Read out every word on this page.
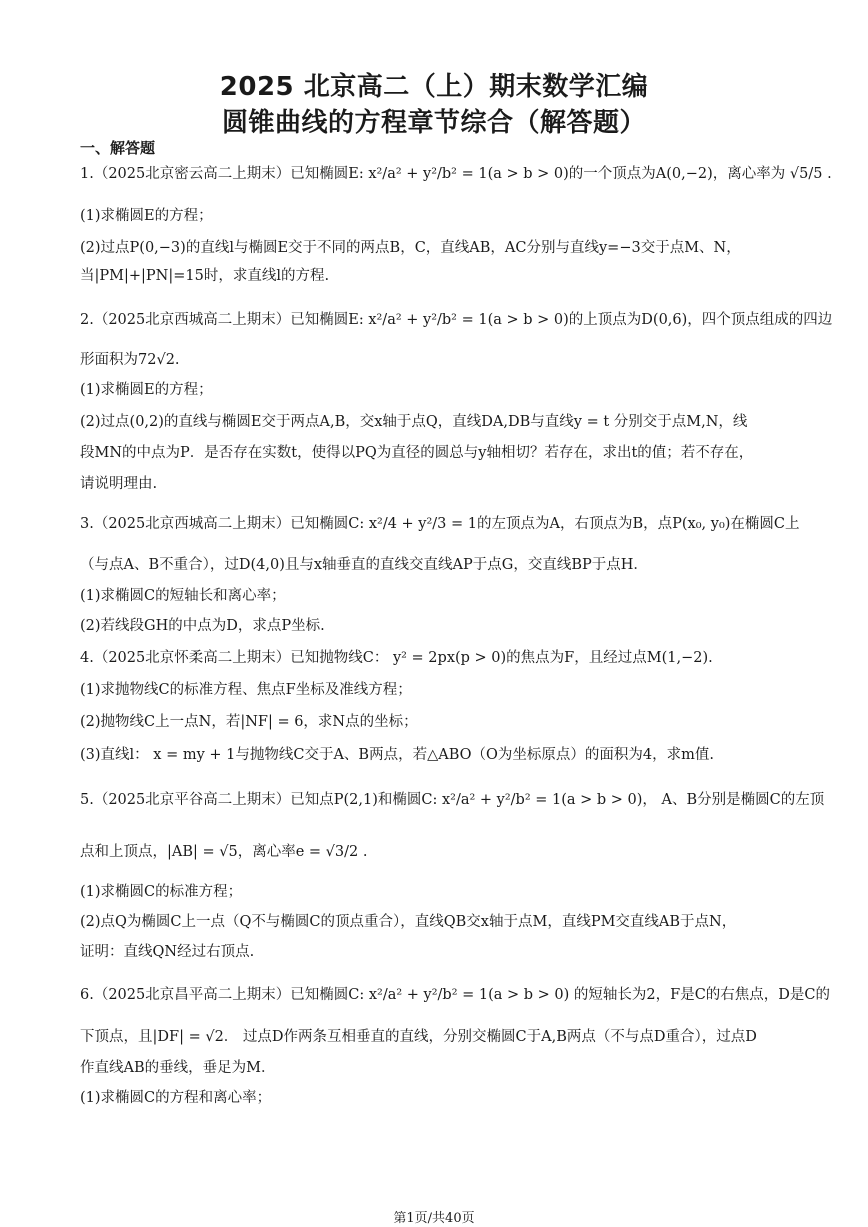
2025 北京高二（上）期末数学汇编
圆锥曲线的方程章节综合（解答题）
一、解答题
1.（2025北京密云高二上期末）已知椭圆E: x²/a² + y²/b² = 1(a > b > 0)的一个顶点为A(0,−2)，离心率为 √5/5 .
(1)求椭圆E的方程；
(2)过点P(0,−3)的直线l与椭圆E交于不同的两点B，C，直线AB，AC分别与直线y=−3交于点M、N，
当|PM|+|PN|=15时，求直线l的方程.
2.（2025北京西城高二上期末）已知椭圆E: x²/a² + y²/b² = 1(a > b > 0)的上顶点为D(0,6)，四个顶点组成的四边
形面积为72√2.
(1)求椭圆E的方程；
(2)过点(0,2)的直线与椭圆E交于两点A,B，交x轴于点Q，直线DA,DB与直线y = t 分别交于点M,N，线
段MN的中点为P．是否存在实数t，使得以PQ为直径的圆总与y轴相切？若存在，求出t的值；若不存在，
请说明理由.
3.（2025北京西城高二上期末）已知椭圆C: x²/4 + y²/3 = 1的左顶点为A，右顶点为B，点P(x₀, y₀)在椭圆C上
（与点A、B不重合），过D(4,0)且与x轴垂直的直线交直线AP于点G，交直线BP于点H．
(1)求椭圆C的短轴长和离心率；
(2)若线段GH的中点为D，求点P坐标.
4.（2025北京怀柔高二上期末）已知抛物线C： y² = 2px(p > 0)的焦点为F，且经过点M(1,−2).
(1)求抛物线C的标准方程、焦点F坐标及准线方程；
(2)抛物线C上一点N，若|NF| = 6，求N点的坐标；
(3)直线l： x = my + 1与抛物线C交于A、B两点，若△ABO（O为坐标原点）的面积为4，求m值.
5.（2025北京平谷高二上期末）已知点P(2,1)和椭圆C: x²/a² + y²/b² = 1(a > b > 0)， A、B分别是椭圆C的左顶
点和上顶点，|AB| = √5，离心率e = √3/2 .
(1)求椭圆C的标准方程；
(2)点Q为椭圆C上一点（Q不与椭圆C的顶点重合），直线QB交x轴于点M，直线PM交直线AB于点N，
证明：直线QN经过右顶点.
6.（2025北京昌平高二上期末）已知椭圆C: x²/a² + y²/b² = 1(a > b > 0) 的短轴长为2，F是C的右焦点，D是C的
下顶点，且|DF| = √2． 过点D作两条互相垂直的直线，分别交椭圆C于A,B两点（不与点D重合），过点D
作直线AB的垂线，垂足为M．
(1)求椭圆C的方程和离心率；
第1页/共40页
